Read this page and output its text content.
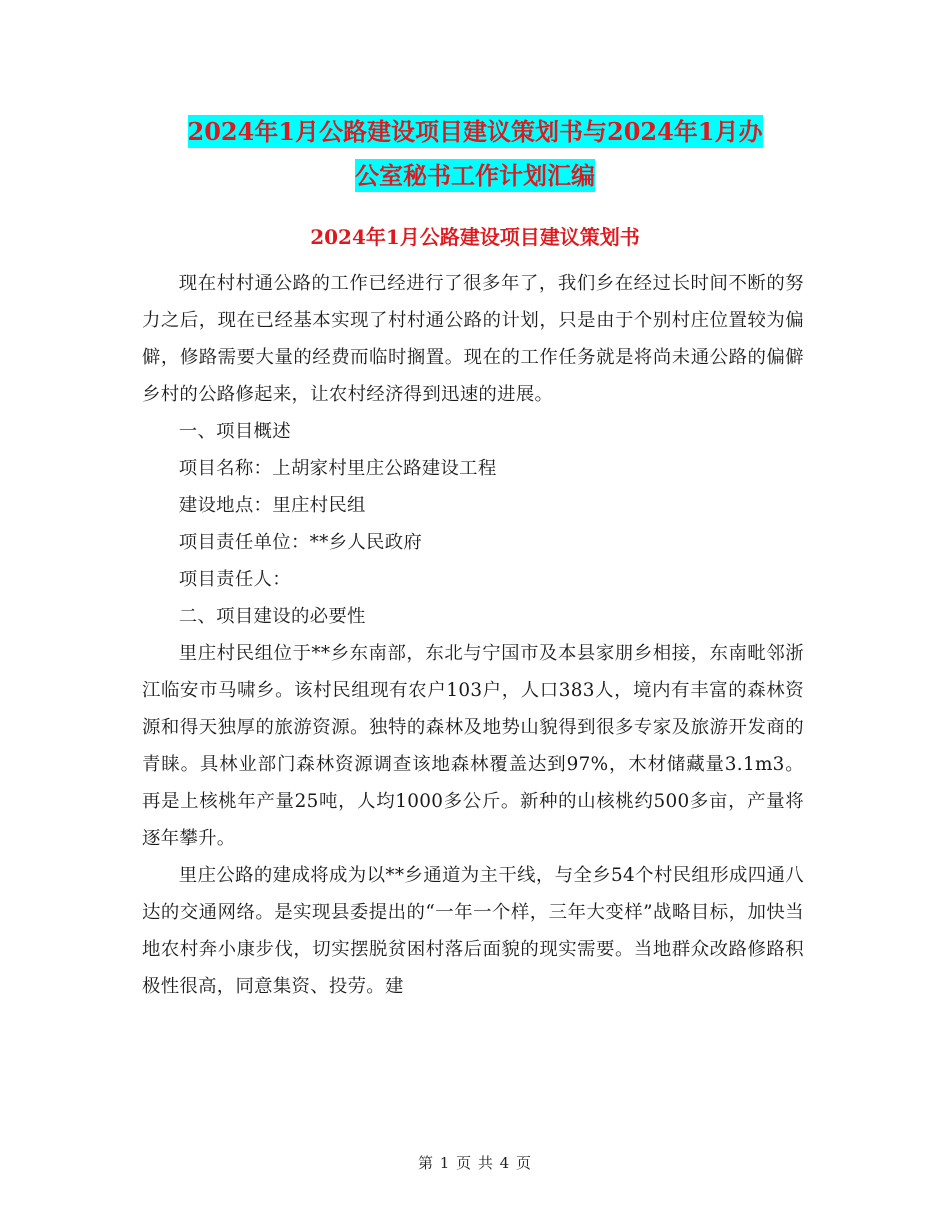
2024年1月公路建设项目建议策划书与2024年1月办
公室秘书工作计划汇编
2024年1月公路建设项目建议策划书

现在村村通公路的工作已经进行了很多年了，我们乡在经过长时间不断的努力之后，现在已经基本实现了村村通公路的计划，只是由于个别村庄位置较为偏僻，修路需要大量的经费而临时搁置。现在的工作任务就是将尚未通公路的偏僻乡村的公路修起来，让农村经济得到迅速的进展。

一、项目概述

项目名称：上胡家村里庄公路建设工程

建设地点：里庄村民组

项目责任单位：**乡人民政府

项目责任人：

二、项目建设的必要性

里庄村民组位于**乡东南部，东北与宁国市及本县家朋乡相接，东南毗邻浙江临安市马啸乡。该村民组现有农户103户，人口383人，境内有丰富的森林资源和得天独厚的旅游资源。独特的森林及地势山貌得到很多专家及旅游开发商的青睐。具林业部门森林资源调查该地森林覆盖达到97%，木材储藏量3.1m3。再是上核桃年产量25吨，人均1000多公斤。新种的山核桃约500多亩，产量将逐年攀升。

里庄公路的建成将成为以**乡通道为主干线，与全乡54个村民组形成四通八达的交通网络。是实现县委提出的“一年一个样，三年大变样”战略目标，加快当地农村奔小康步伐，切实摆脱贫困村落后面貌的现实需要。当地群众改路修路积极性很高，同意集资、投劳。建

第 1 页 共 4 页
